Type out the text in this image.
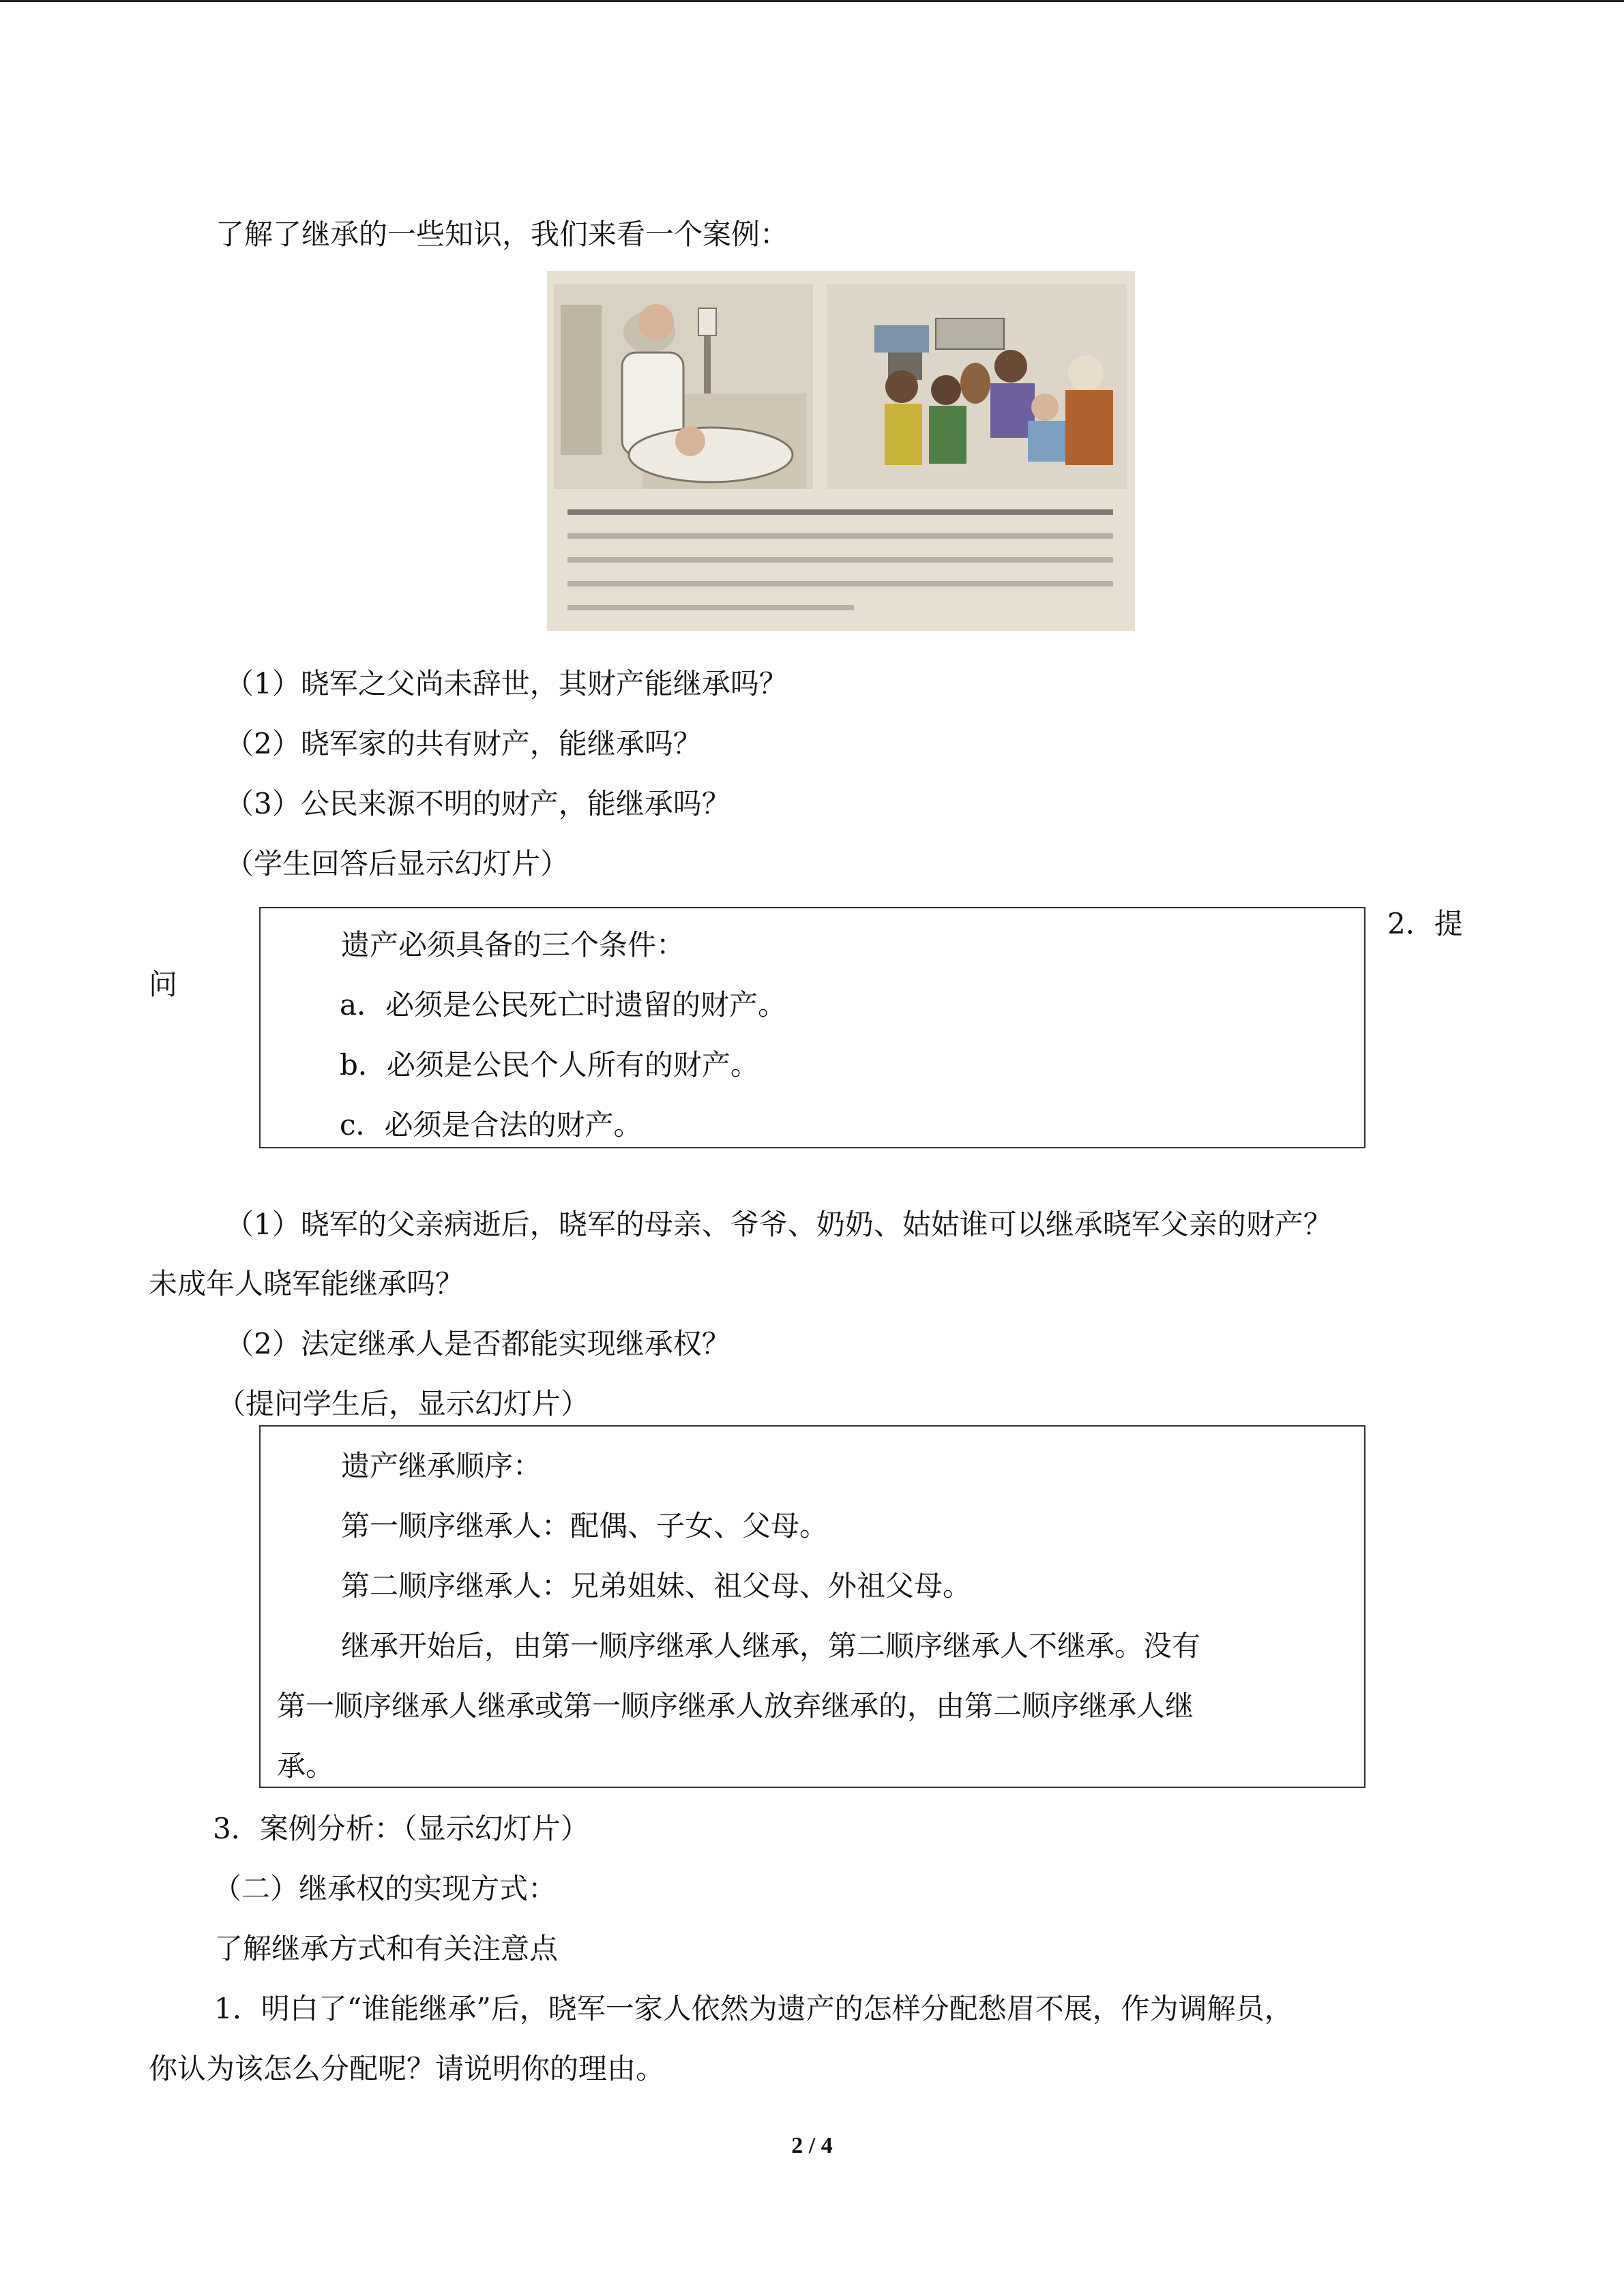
了解了继承的一些知识，我们来看一个案例：

（1）晓军之父尚未辞世，其财产能继承吗？

（2）晓军家的共有财产，能继承吗？

（3）公民来源不明的财产，能继承吗？

（学生回答后显示幻灯片）

遗产必须具备的三个条件：

a．必须是公民死亡时遗留的财产。

b．必须是公民个人所有的财产。

c．必须是合法的财产。

2．提

问

（1）晓军的父亲病逝后，晓军的母亲、爷爷、奶奶、姑姑谁可以继承晓军父亲的财产？

未成年人晓军能继承吗？

（2）法定继承人是否都能实现继承权？

（提问学生后，显示幻灯片）

遗产继承顺序：

第一顺序继承人：配偶、子女、父母。

第二顺序继承人：兄弟姐妹、祖父母、外祖父母。

继承开始后，由第一顺序继承人继承，第二顺序继承人不继承。没有

第一顺序继承人继承或第一顺序继承人放弃继承的，由第二顺序继承人继

承。

3．案例分析：（显示幻灯片）

（二）继承权的实现方式：

了解继承方式和有关注意点

1．明白了“谁能继承”后，晓军一家人依然为遗产的怎样分配愁眉不展，作为调解员，

你认为该怎么分配呢？请说明你的理由。

2 / 4
